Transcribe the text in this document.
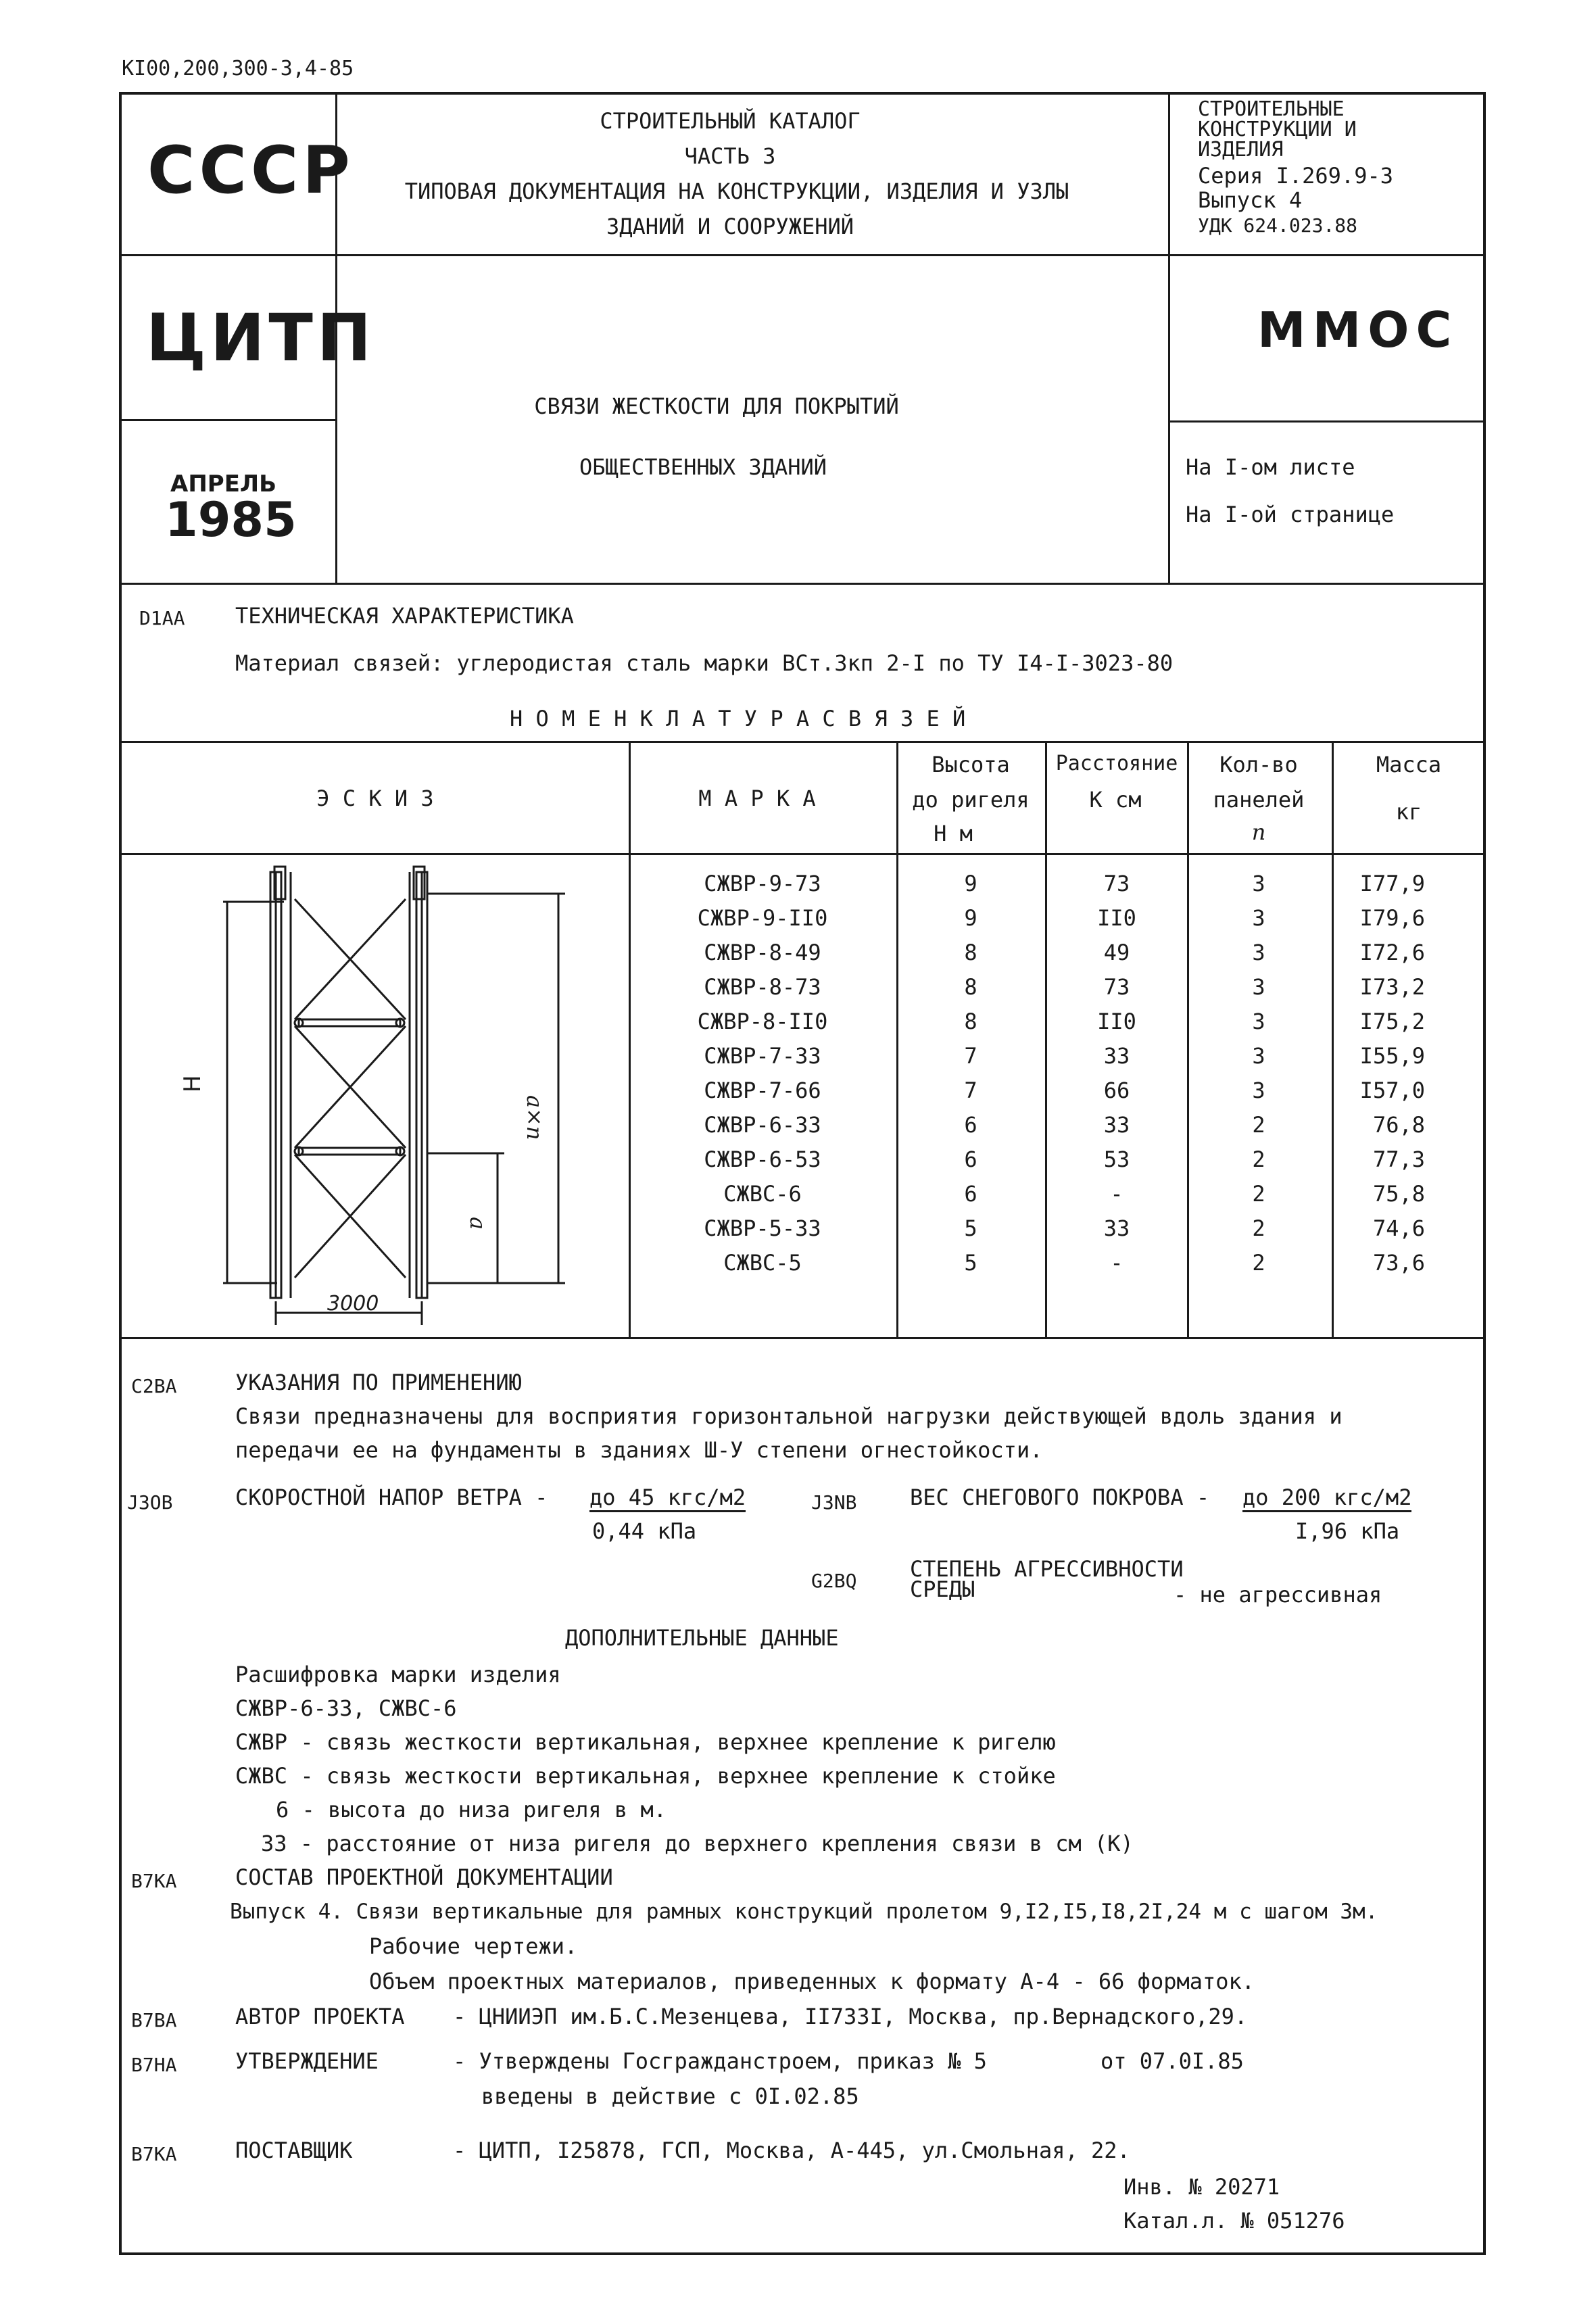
КI00,200,300-3,4-85
СССР
ЦИТП
АПРЕЛЬ
1985
СТРОИТЕЛЬНЫЙ КАТАЛОГ
ЧАСТЬ 3
ТИПОВАЯ ДОКУМЕНТАЦИЯ НА КОНСТРУКЦИИ, ИЗДЕЛИЯ И УЗЛЫ
ЗДАНИЙ И СООРУЖЕНИЙ
СТРОИТЕЛЬНЫЕ
КОНСТРУКЦИИ И
ИЗДЕЛИЯ
Серия I.269.9-3
Выпуск 4
УДК 624.023.88
СВЯЗИ ЖЕСТКОСТИ ДЛЯ ПОКРЫТИЙ
ОБЩЕСТВЕННЫХ ЗДАНИЙ
ММОС
На I-ом листе
На I-ой странице
D1AA ТЕХНИЧЕСКАЯ ХАРАКТЕРИСТИКА
Материал связей: углеродистая сталь марки ВСт.3кп 2-I по ТУ I4-I-3023-80
Н О М Е Н К Л А Т У Р А С В Я З Е Й
Э С К И З	М А Р К А
Высота
до ригеля
Н м
Расстояние
К см
Кол-во
панелей
n
Масса
кг
СЖВР-9-73	9	73	3	I77,9
СЖВР-9-II0	9	II0	3	I79,6
СЖВР-8-49	8	49	3	I72,6
СЖВР-8-73	8	73	3	I73,2
СЖВР-8-II0	8	II0	3	I75,2
СЖВР-7-33	7	33	3	I55,9
СЖВР-7-66	7	66	3	I57,0
СЖВР-6-33	6	33	2	76,8
СЖВР-6-53	6	53	2	77,3
СЖВС-6	6	-	2	75,8
СЖВР-5-33	5	33	2	74,6
СЖВС-5	5	-	2	73,6
Н
a×n
a
3000
C2BA	УКАЗАНИЯ ПО ПРИМЕНЕНИЮ
Связи предназначены для восприятия горизонтальной нагрузки действующей вдоль здания и
передачи ее на фундаменты в зданиях Ш-У степени огнестойкости.
J3OB	СКОРОСТНОЙ НАПОР ВЕТРА - до 45 кгс/м2
0,44 кПа
J3NB ВЕС СНЕГОВОГО ПОКРОВА - до 200 кгс/м2
I,96 кПа
G2BQ СТЕПЕНЬ АГРЕССИВНОСТИ
СРЕДЫ	- не агрессивная
ДОПОЛНИТЕЛЬНЫЕ ДАННЫЕ
Расшифровка марки изделия
СЖВР-6-33, СЖВС-6
СЖВР - связь жесткости вертикальная, верхнее крепление к ригелю
СЖВС - связь жесткости вертикальная, верхнее крепление к стойке
6 - высота до низа ригеля в м.
33 - расстояние от низа ригеля до верхнего крепления связи в см (К)
B7KA	СОСТАВ ПРОЕКТНОЙ ДОКУМЕНТАЦИИ
Выпуск 4. Связи вертикальные для рамных конструкций пролетом 9,I2,I5,I8,2I,24 м с шагом 3м.
Рабочие чертежи.
Объем проектных материалов, приведенных к формату А-4 - 66 форматок.
B7BA	АВТОР ПРОЕКТА - ЦНИИЭП им.Б.С.Мезенцева, II733I, Москва, пр.Вернадского,29.
B7HA	УТВЕРЖДЕНИЕ	- Утверждены Госгражданстроем, приказ № 5	от 07.0I.85
введены в действие с 0I.02.85
B7KA	ПОСТАВЩИК	- ЦИТП, I25878, ГСП, Москва, А-445, ул.Смольная, 22.
Инв. № 20271
Катал.л. № 051276
